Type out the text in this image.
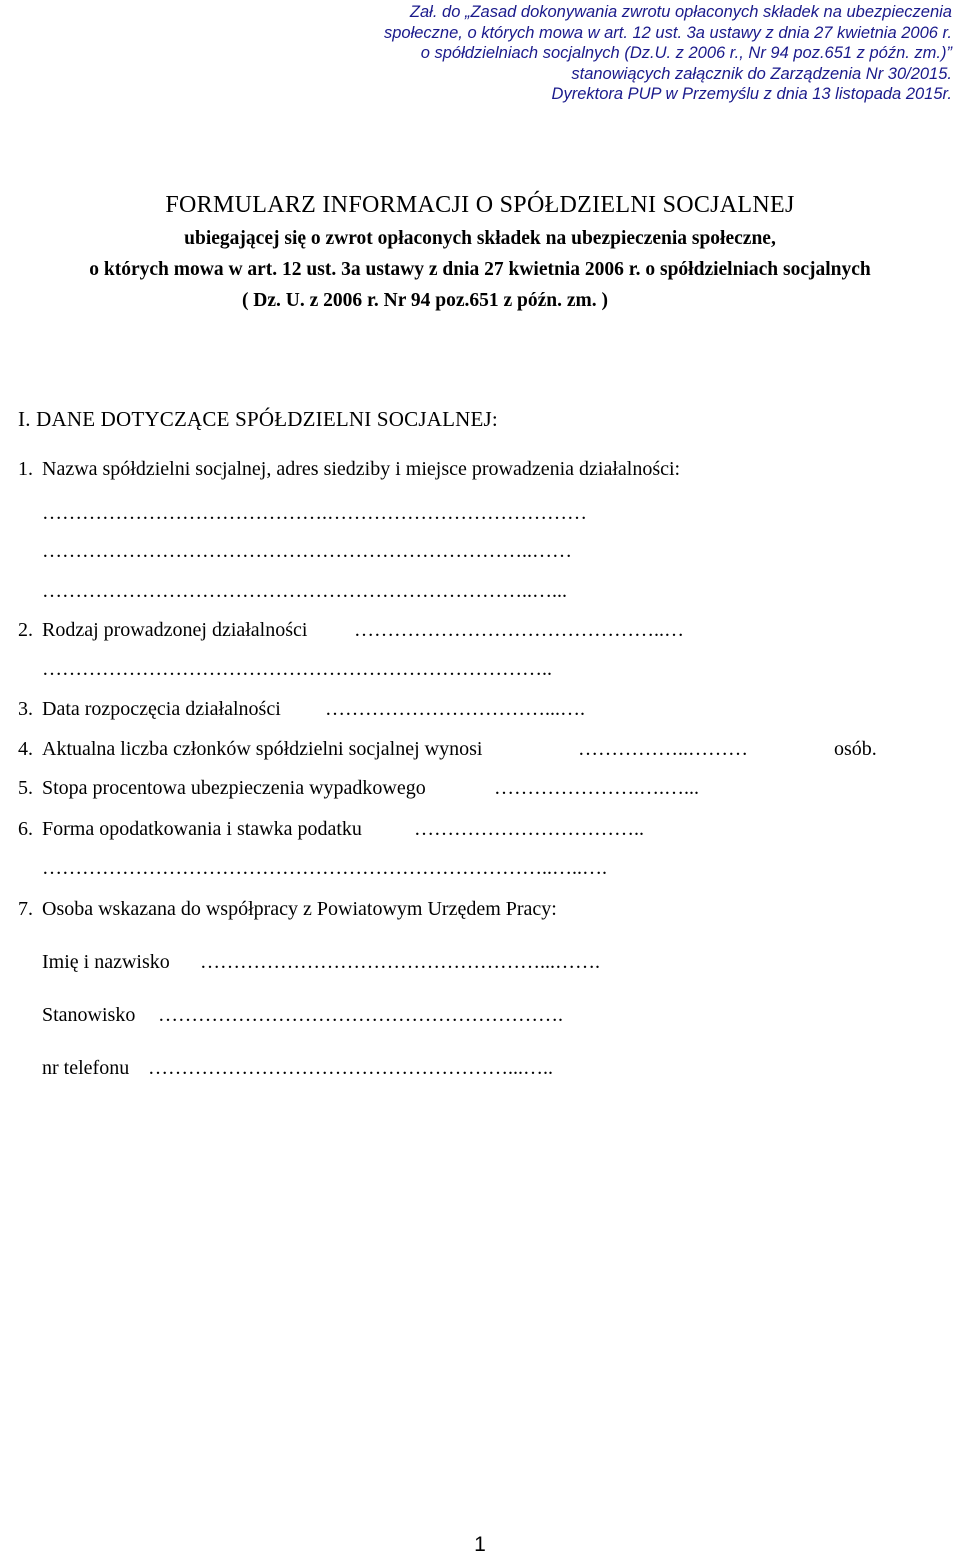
Zał. do „Zasad dokonywania zwrotu opłaconych składek na ubezpieczenia
społeczne, o których mowa w art. 12 ust. 3a ustawy z dnia 27 kwietnia 2006 r.
o spółdzielniach socjalnych (Dz.U. z 2006 r., Nr 94 poz.651 z późn. zm.)”
stanowiących załącznik do Zarządzenia Nr 30/2015.
Dyrektora PUP w Przemyślu z dnia 13 listopada 2015r.
FORMULARZ INFORMACJI O SPÓŁDZIELNI SOCJALNEJ
ubiegającej się o zwrot opłaconych składek na ubezpieczenia społeczne,
o których mowa w art. 12 ust. 3a ustawy z dnia 27 kwietnia 2006 r. o spółdzielniach socjalnych
( Dz. U. z 2006 r. Nr 94 poz.651 z późn. zm. )
I. DANE DOTYCZĄCE SPÓŁDZIELNI SOCJALNEJ:
1. Nazwa spółdzielni socjalnej, adres siedziby i miejsce prowadzenia działalności:
…………………………………….…………………………………
………………………………………………………………..……
………………………………………………………………..…...
2. Rodzaj prowadzonej działalności ………………………………………..…
…………………………………………………………………..
3. Data rozpoczęcia działalności ……………………………...….
4. Aktualna liczba członków spółdzielni socjalnej wynosi	……………..………	osób.
5. Stopa procentowa ubezpieczenia wypadkowego	………………….….…...
6. Forma opodatkowania i stawka podatku	……………………………..
…………………………………………………………………..…..….
7. Osoba wskazana do współpracy z Powiatowym Urzędem Pracy:
Imię i nazwisko ……………………………………………...…….
Stanowisko …………………………………………………….
nr telefonu ………………………………………………...…..
1
